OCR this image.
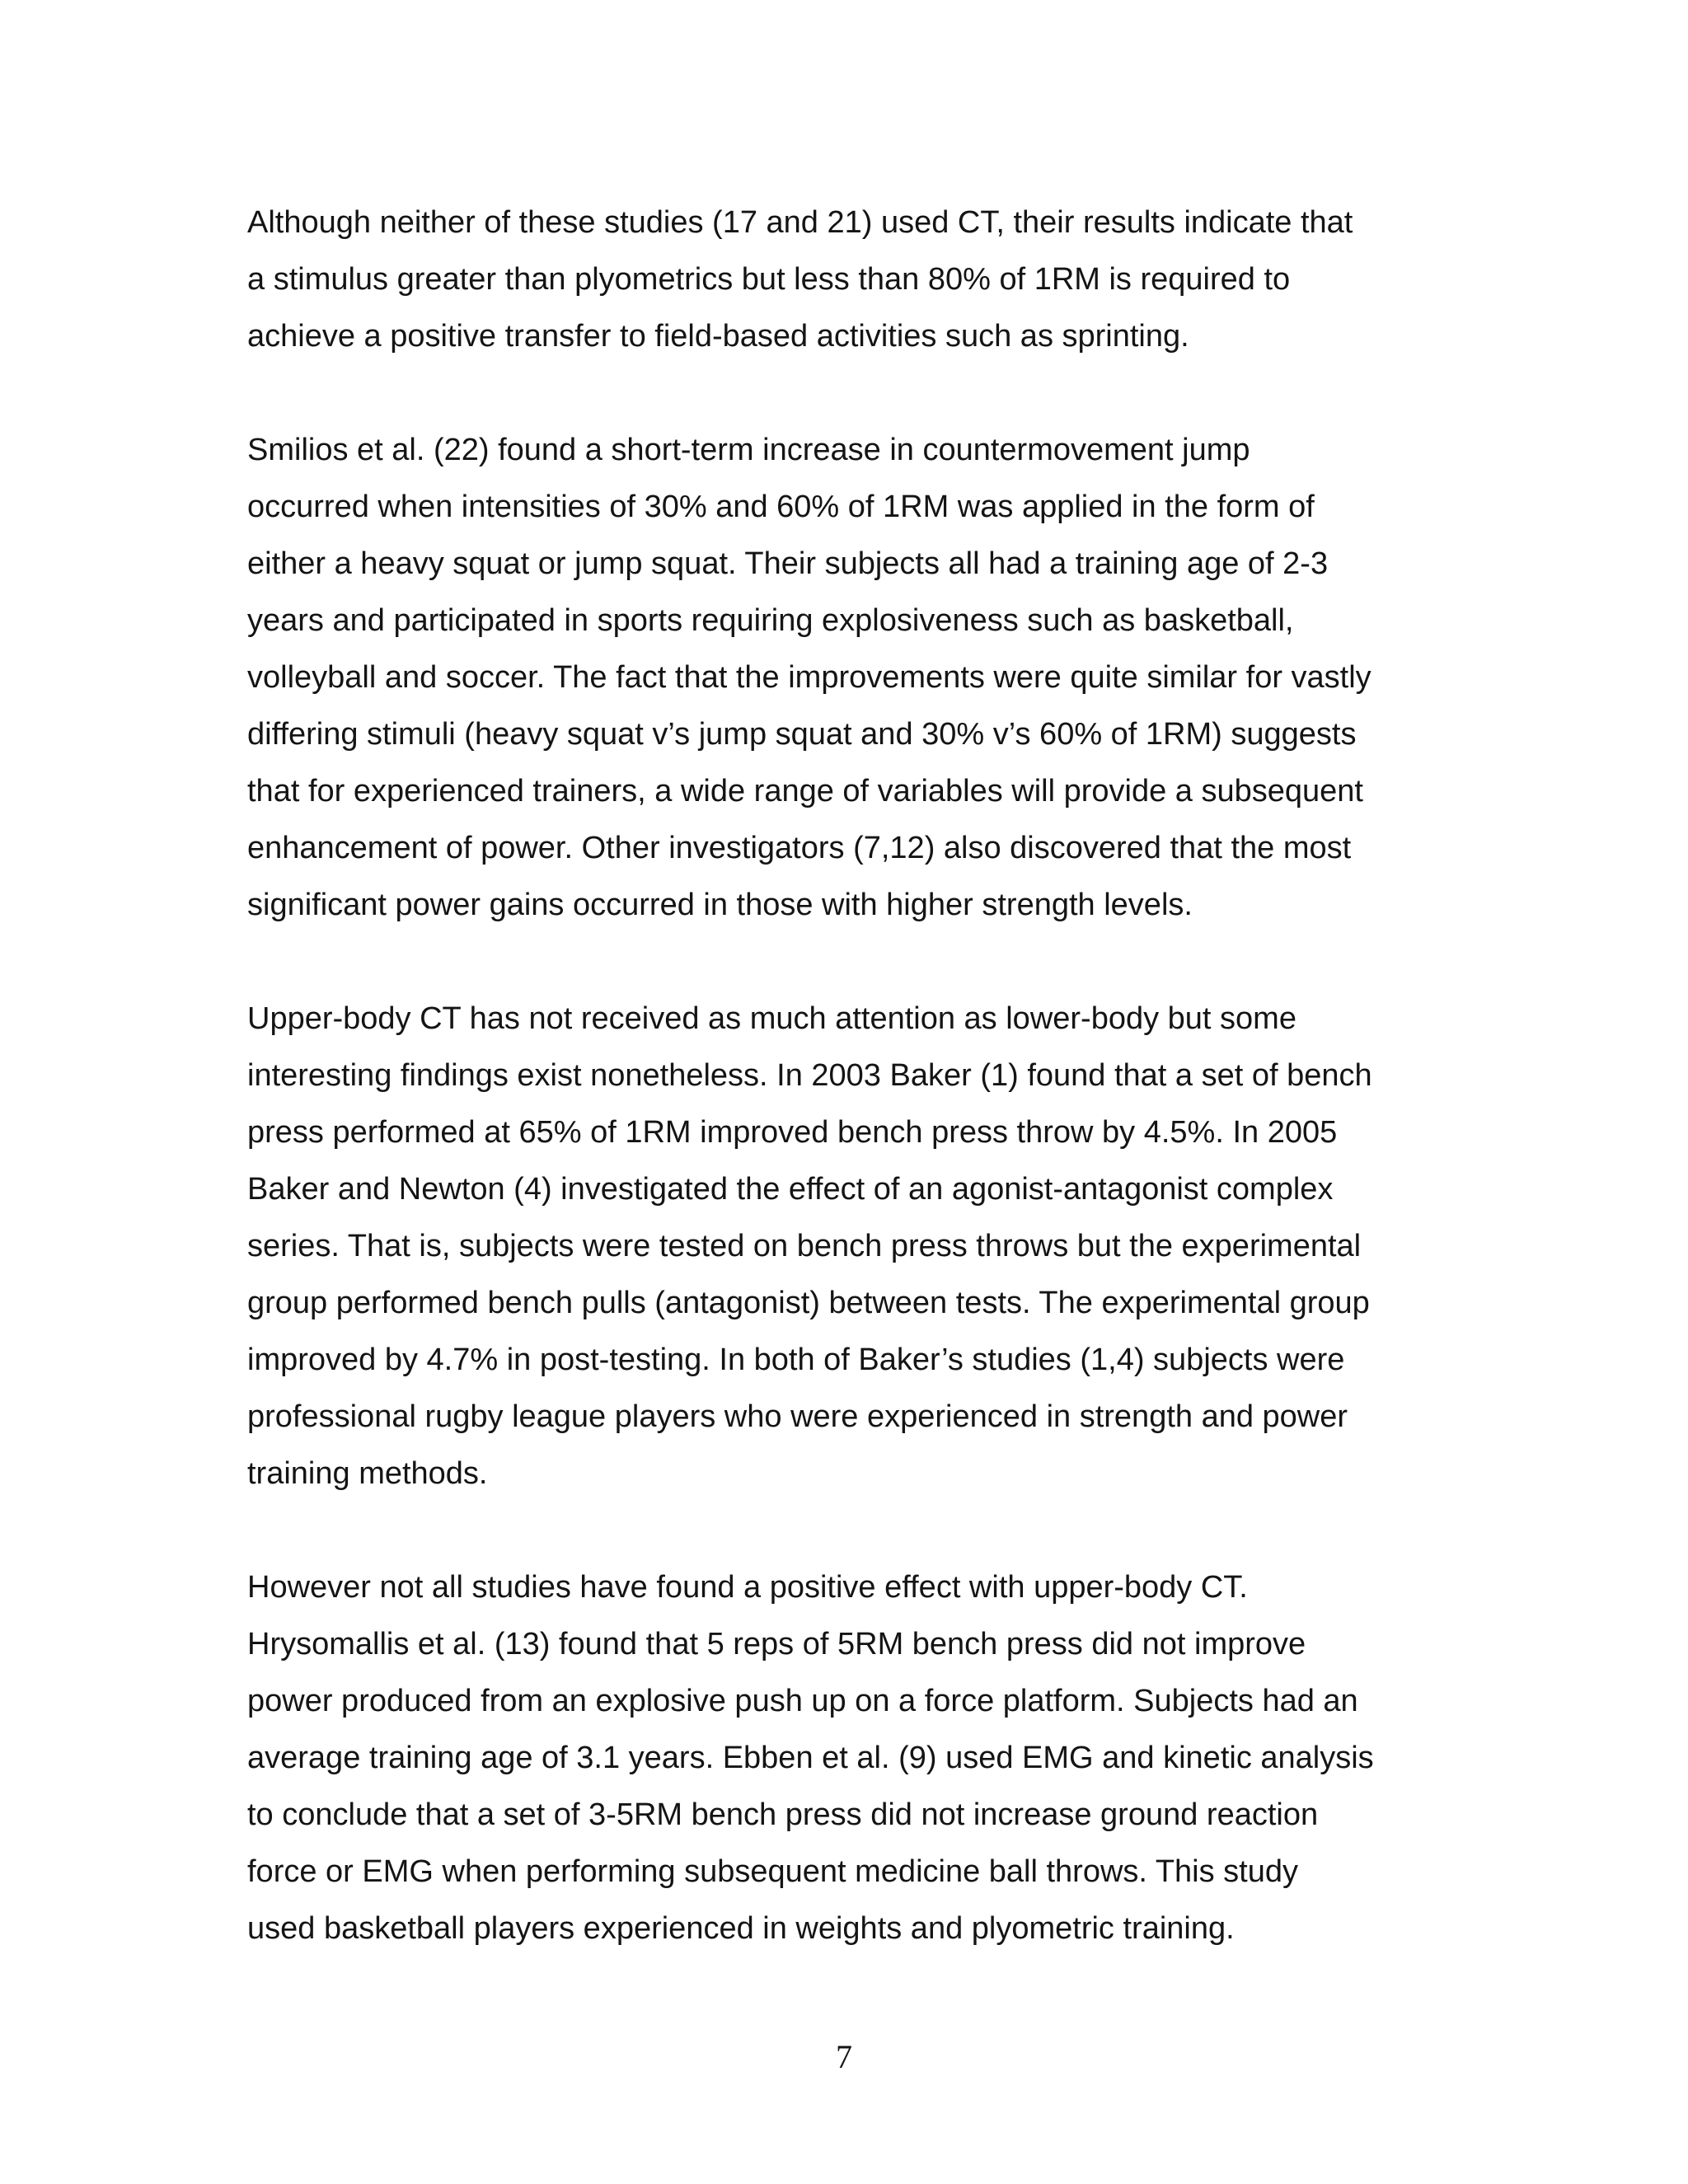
Although neither of these studies (17 and 21) used CT, their results indicate that
a stimulus greater than plyometrics but less than 80% of 1RM is required to
achieve a positive transfer to field-based activities such as sprinting.

Smilios et al. (22) found a short-term increase in countermovement jump
occurred when intensities of 30% and 60% of 1RM was applied in the form of
either a heavy squat or jump squat. Their subjects all had a training age of 2-3
years and participated in sports requiring explosiveness such as basketball,
volleyball and soccer. The fact that the improvements were quite similar for vastly
differing stimuli (heavy squat v’s jump squat and 30% v’s 60% of 1RM) suggests
that for experienced trainers, a wide range of variables will provide a subsequent
enhancement of power. Other investigators (7,12) also discovered that the most
significant power gains occurred in those with higher strength levels.

Upper-body CT has not received as much attention as lower-body but some
interesting findings exist nonetheless. In 2003 Baker (1) found that a set of bench
press performed at 65% of 1RM improved bench press throw by 4.5%. In 2005
Baker and Newton (4) investigated the effect of an agonist-antagonist complex
series. That is, subjects were tested on bench press throws but the experimental
group performed bench pulls (antagonist) between tests. The experimental group
improved by 4.7% in post-testing. In both of Baker’s studies (1,4) subjects were
professional rugby league players who were experienced in strength and power
training methods.

However not all studies have found a positive effect with upper-body CT.
Hrysomallis et al. (13) found that 5 reps of 5RM bench press did not improve
power produced from an explosive push up on a force platform. Subjects had an
average training age of 3.1 years. Ebben et al. (9) used EMG and kinetic analysis
to conclude that a set of 3-5RM bench press did not increase ground reaction
force or EMG when performing subsequent medicine ball throws. This study
used basketball players experienced in weights and plyometric training.

7
